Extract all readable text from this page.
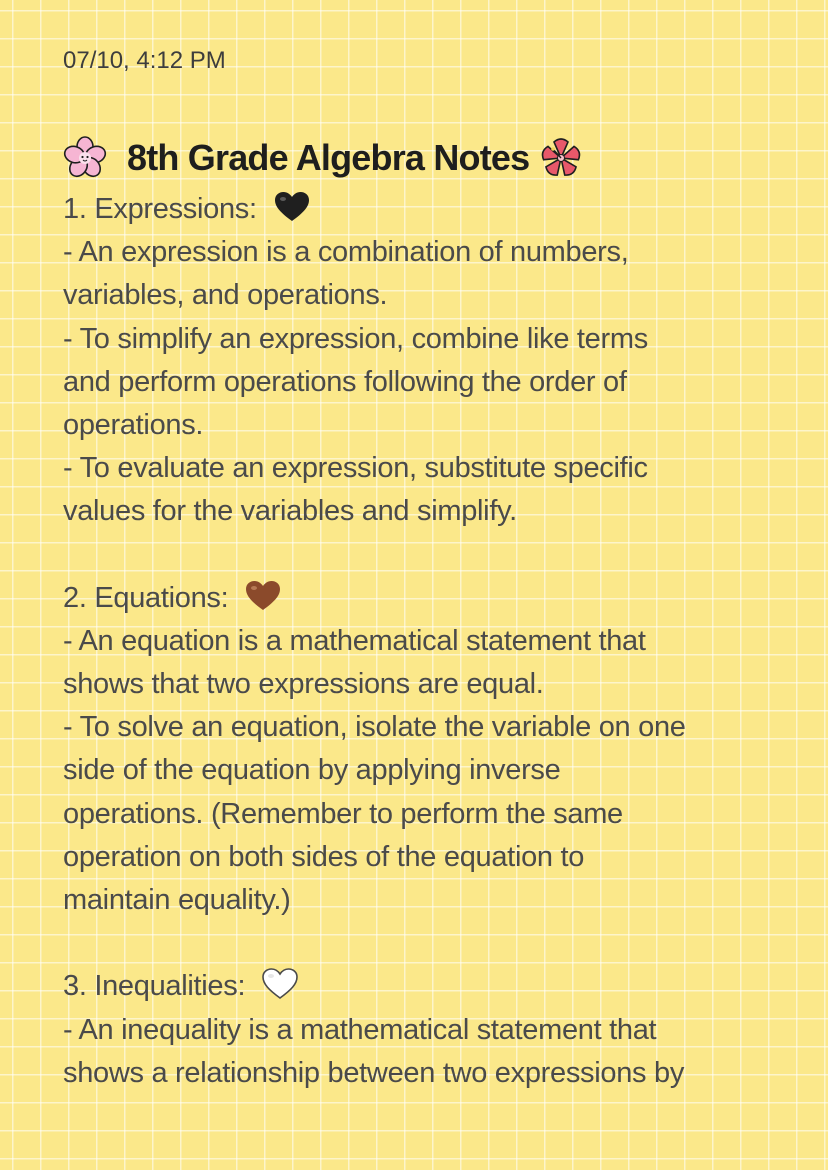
07/10, 4:12 PM
8th Grade Algebra Notes
1. Expressions:
- An expression is a combination of numbers,
variables, and operations.
- To simplify an expression, combine like terms
and perform operations following the order of
operations.
- To evaluate an expression, substitute specific
values for the variables and simplify.
2. Equations:
- An equation is a mathematical statement that
shows that two expressions are equal.
- To solve an equation, isolate the variable on one
side of the equation by applying inverse
operations. (Remember to perform the same
operation on both sides of the equation to
maintain equality.)
3. Inequalities:
- An inequality is a mathematical statement that
shows a relationship between two expressions by
